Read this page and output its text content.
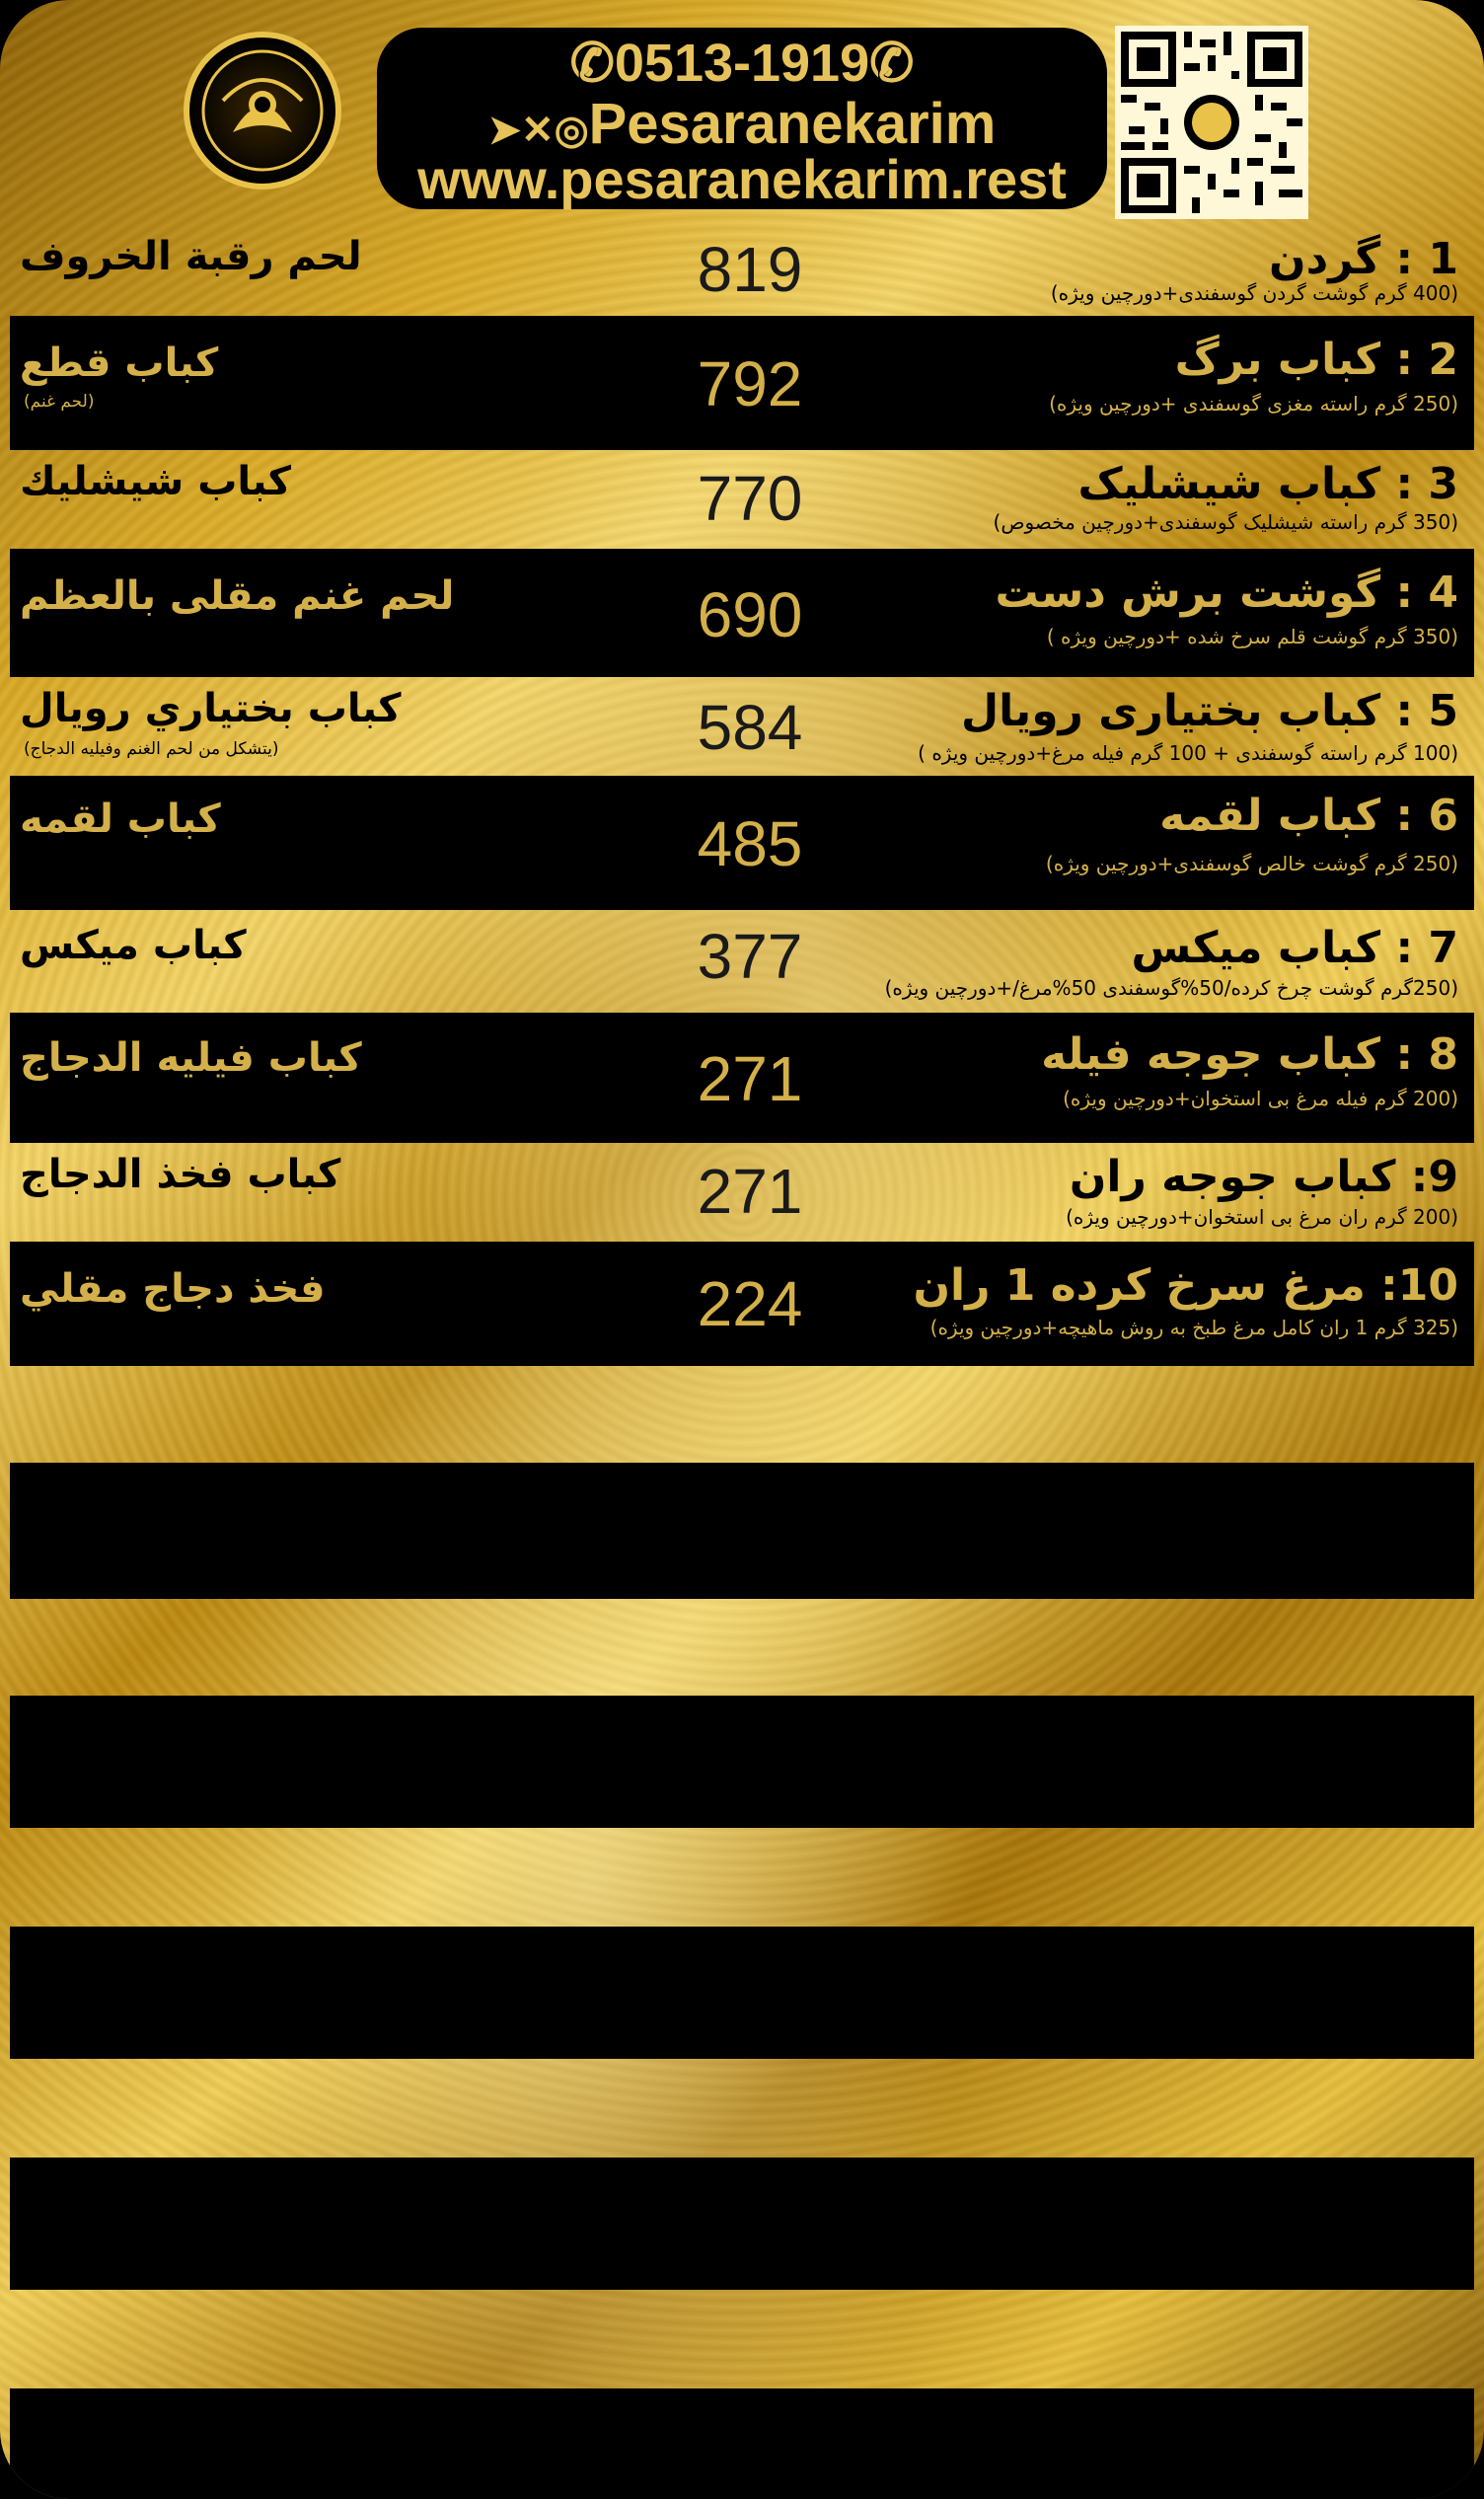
✆0513-1919✆
➤✕◎Pesaranekarim
www.pesaranekarim.rest
1 : گردن
(400 گرم گوشت گردن گوسفندی+دورچین ویژه)
819
لحم رقبة الخروف
2 : کباب برگ
(250 گرم راسته مغزی گوسفندی +دورچین ویژه)
792
كباب قطع
(لحم غنم)
3 : کباب شیشلیک
(350 گرم راسته شیشلیک گوسفندی+دورچین مخصوص)
770
كباب شيشليك
4 : گوشت برش دست
(350 گرم گوشت قلم سرخ شده +دورچین ویژه )
690
لحم غنم مقلى بالعظم
5 : کباب بختیاری رویال
(100 گرم راسته گوسفندی + 100 گرم فیله مرغ+دورچین ویژه )
584
كباب بختياري رويال
(يتشكل من لحم الغنم وفيليه الدجاج)
6 : کباب لقمه
(250 گرم گوشت خالص گوسفندی+دورچین ویژه)
485
كباب لقمه
7 : کباب میکس
(250گرم گوشت چرخ کرده/50%گوسفندی 50%مرغ/+دورچین ویژه)
377
كباب ميكس
8 : کباب جوجه فیله
(200 گرم فیله مرغ بی استخوان+دورچین ویژه)
271
كباب فيليه الدجاج
9: کباب جوجه ران
(200 گرم ران مرغ بی استخوان+دورچین ویژه)
271
كباب فخذ الدجاج
10: مرغ سرخ کرده 1 ران
(325 گرم 1 ران کامل مرغ طبخ به روش ماهیچه+دورچین ویژه)
224
فخذ دجاج مقلي
